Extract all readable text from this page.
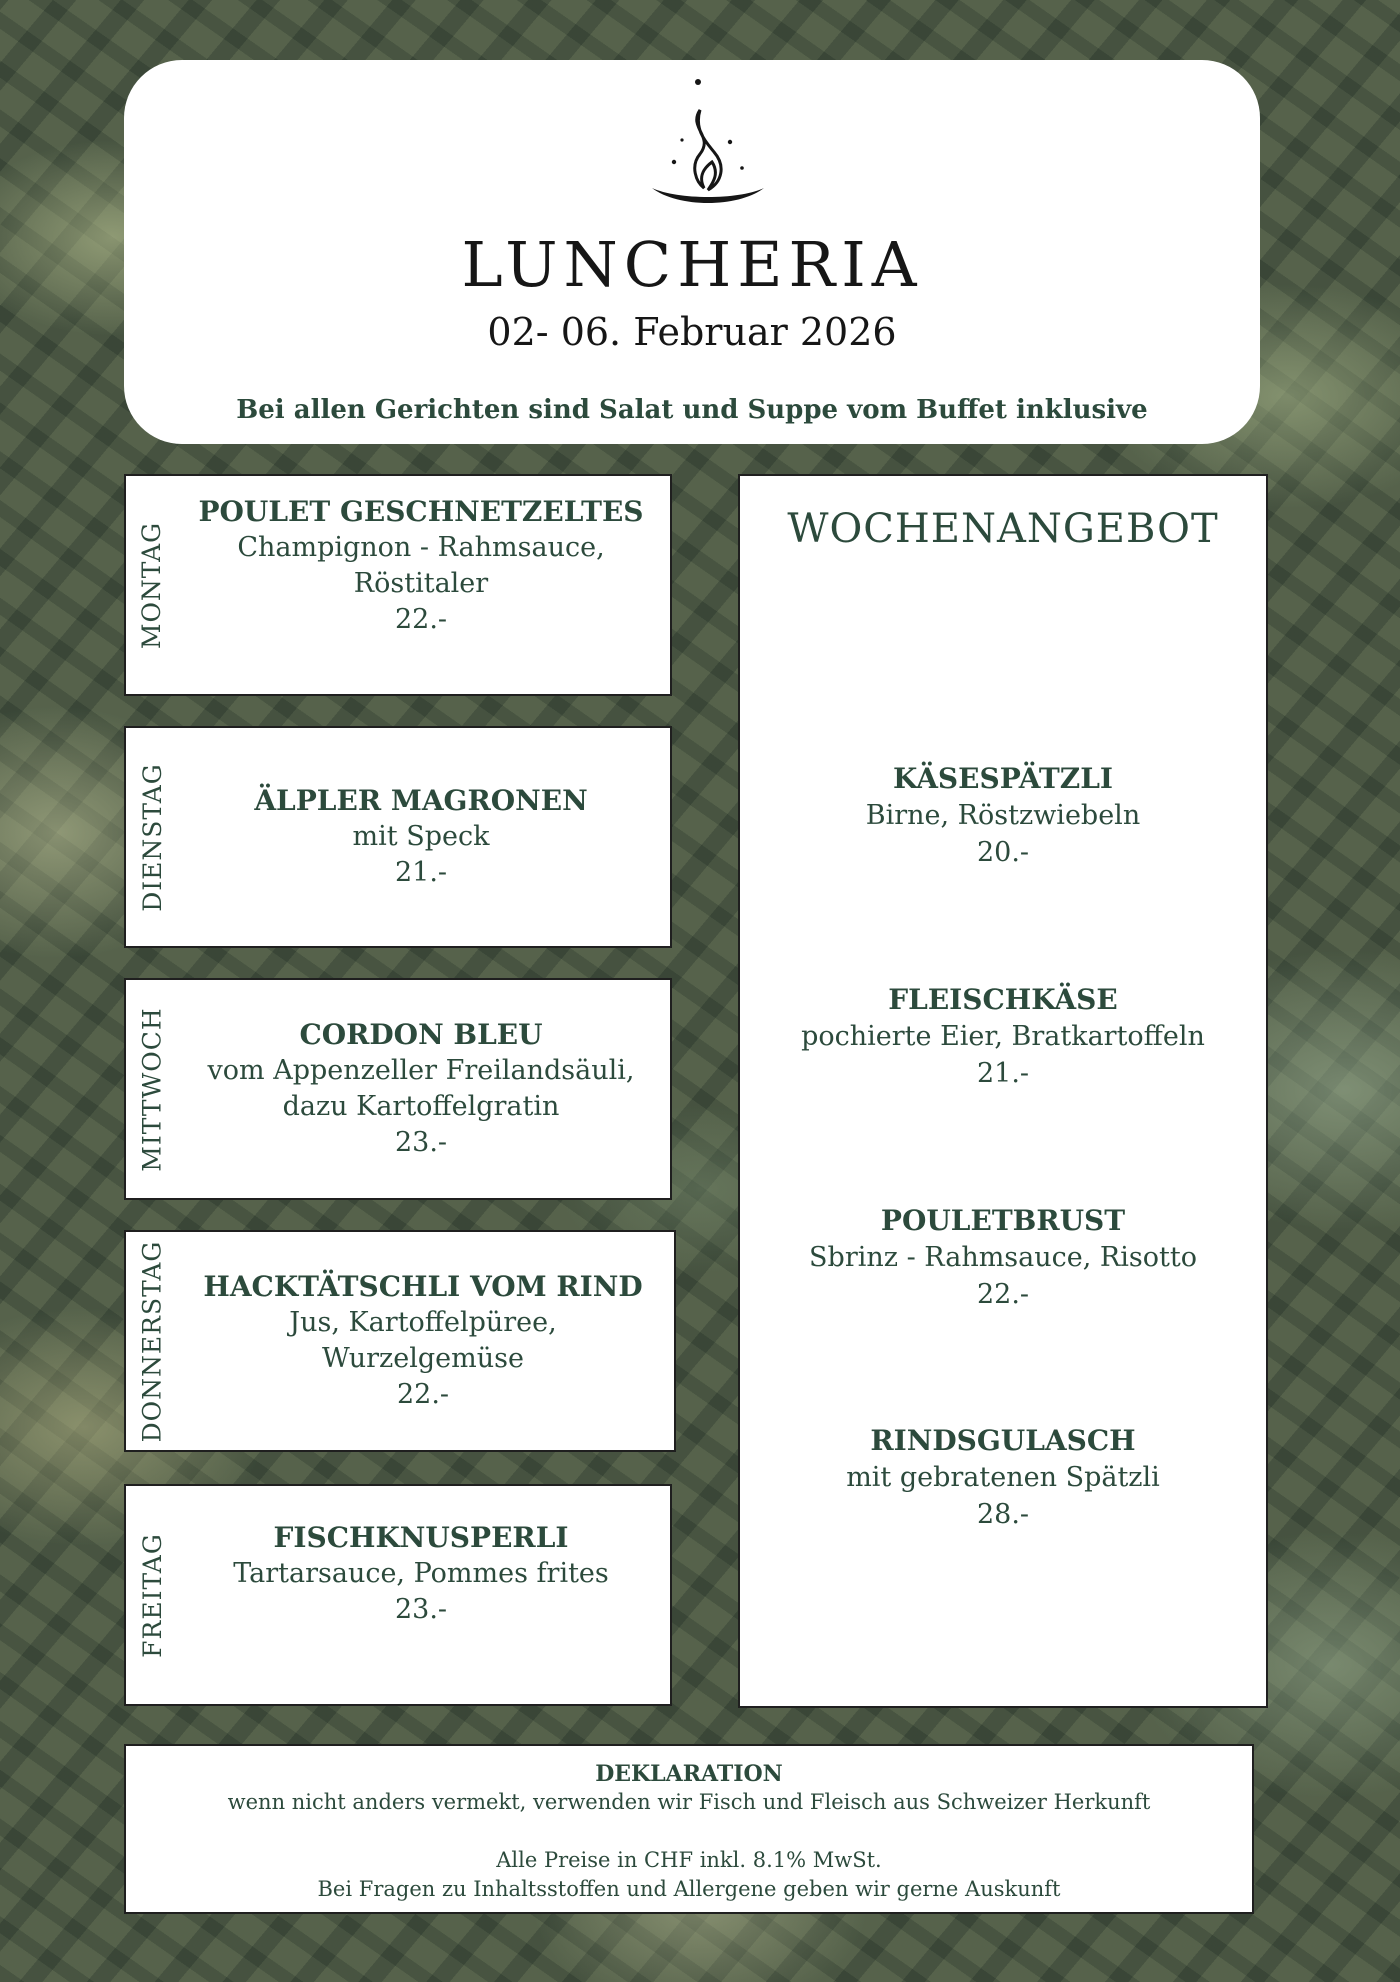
LUNCHERIA
02- 06. Februar 2026
Bei allen Gerichten sind Salat und Suppe vom Buffet inklusive
MONTAG
POULET GESCHNETZELTES
Champignon - Rahmsauce,
Röstitaler
22.-
DIENSTAG	ÄLPLER MAGRONEN
mit Speck
21.-
MITTWOCH	CORDON BLEU
vom Appenzeller Freilandsäuli,
dazu Kartoffelgratin
23.-
DONNERSTAG HACKTÄTSCHLI VOM RIND
Jus, Kartoffelpüree,
Wurzelgemüse
22.-
FREITAG	FISCHKNUSPERLI
Tartarsauce, Pommes frites
23.-
WOCHENANGEBOT
KÄSESPÄTZLI
Birne, Röstzwiebeln
20.-
FLEISCHKÄSE
pochierte Eier, Bratkartoffeln
21.-
POULETBRUST
Sbrinz - Rahmsauce, Risotto
22.-
RINDSGULASCH
mit gebratenen Spätzli
28.-
DEKLARATION
wenn nicht anders vermekt, verwenden wir Fisch und Fleisch aus Schweizer Herkunft
Alle Preise in CHF inkl. 8.1% MwSt.
Bei Fragen zu Inhaltsstoffen und Allergene geben wir gerne Auskunft
